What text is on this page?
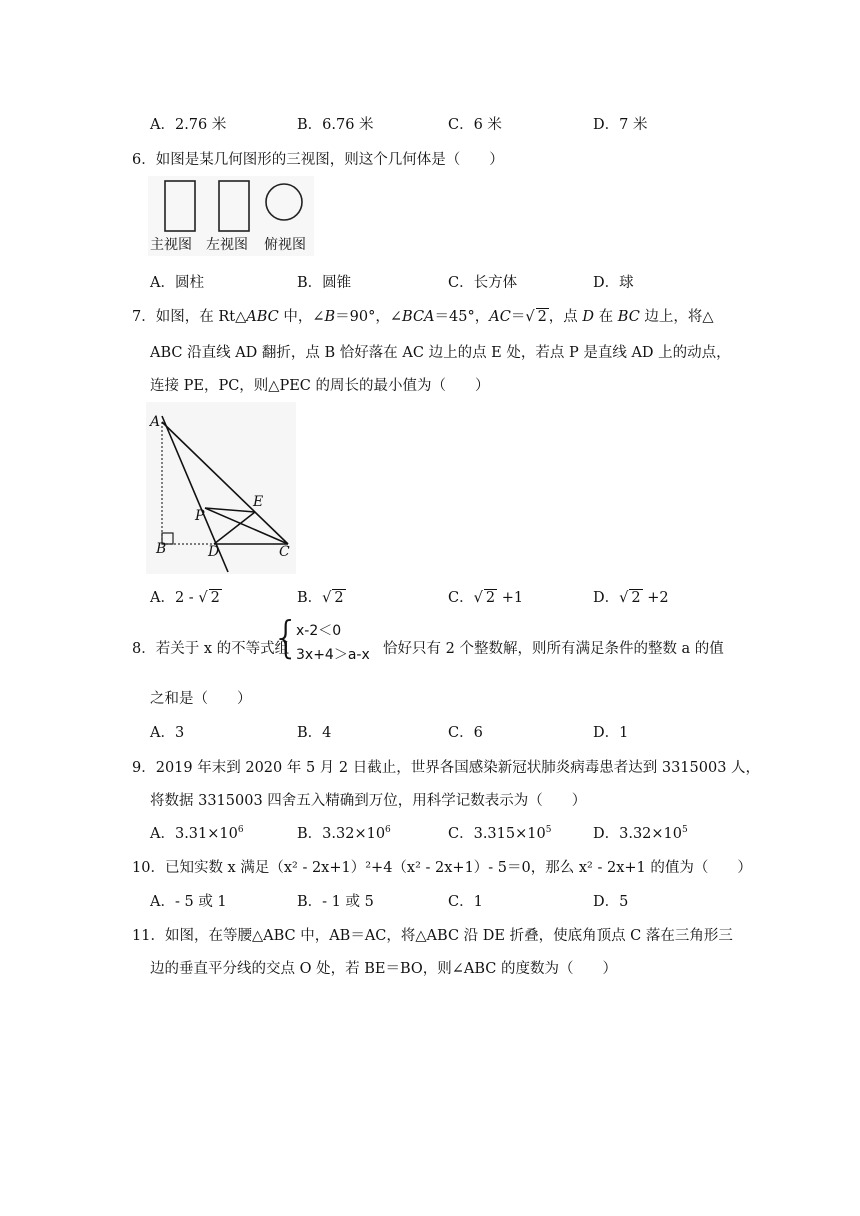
A．2.76 米	B．6.76 米	C．6 米	D．7 米
6．如图是某几何图形的三视图，则这个几何体是（　　）
主视图 左视图 俯视图
A．圆柱	B．圆锥	C．长方体	D．球
7．如图，在 Rt△ABC 中，∠B＝90°，∠BCA＝45°，AC＝√ 2 ，点 D 在 BC 边上，将△
ABC 沿直线 AD 翻折，点 B 恰好落在 AC 边上的点 E 处，若点 P 是直线 AD 上的动点，
连接 PE，PC，则△PEC 的周长的最小值为（　　）
A
P
E
B	D	C
A．2 - √ 2	B．√ 2	C．√ 2 +1	D．√ 2 +2
8．若关于 x 的不等式组
{
x-2＜0
3x+4＞a-x 恰好只有 2 个整数解，则所有满足条件的整数 a 的值
之和是（　　）
A．3	B．4	C．6	D．1
9．2019 年末到 2020 年 5 月 2 日截止，世界各国感染新冠状肺炎病毒患者达到 3315003 人，
将数据 3315003 四舍五入精确到万位，用科学记数表示为（　　）
A．$3.31\times 10^6$	B．$3.32\times 10^6$	C．$3.315\times 10^5$	D．$3.32\times 10^5$
10．已知实数 x 满足（x² - 2x+1）²+4（x² - 2x+1）- 5＝0，那么 x² - 2x+1 的值为（　　）
A．- 5 或 1	B．- 1 或 5	C．1	D．5
11．如图，在等腰△ABC 中，AB＝AC，将△ABC 沿 DE 折叠，使底角顶点 C 落在三角形三
边的垂直平分线的交点 O 处，若 BE＝BO，则∠ABC 的度数为（　　）
